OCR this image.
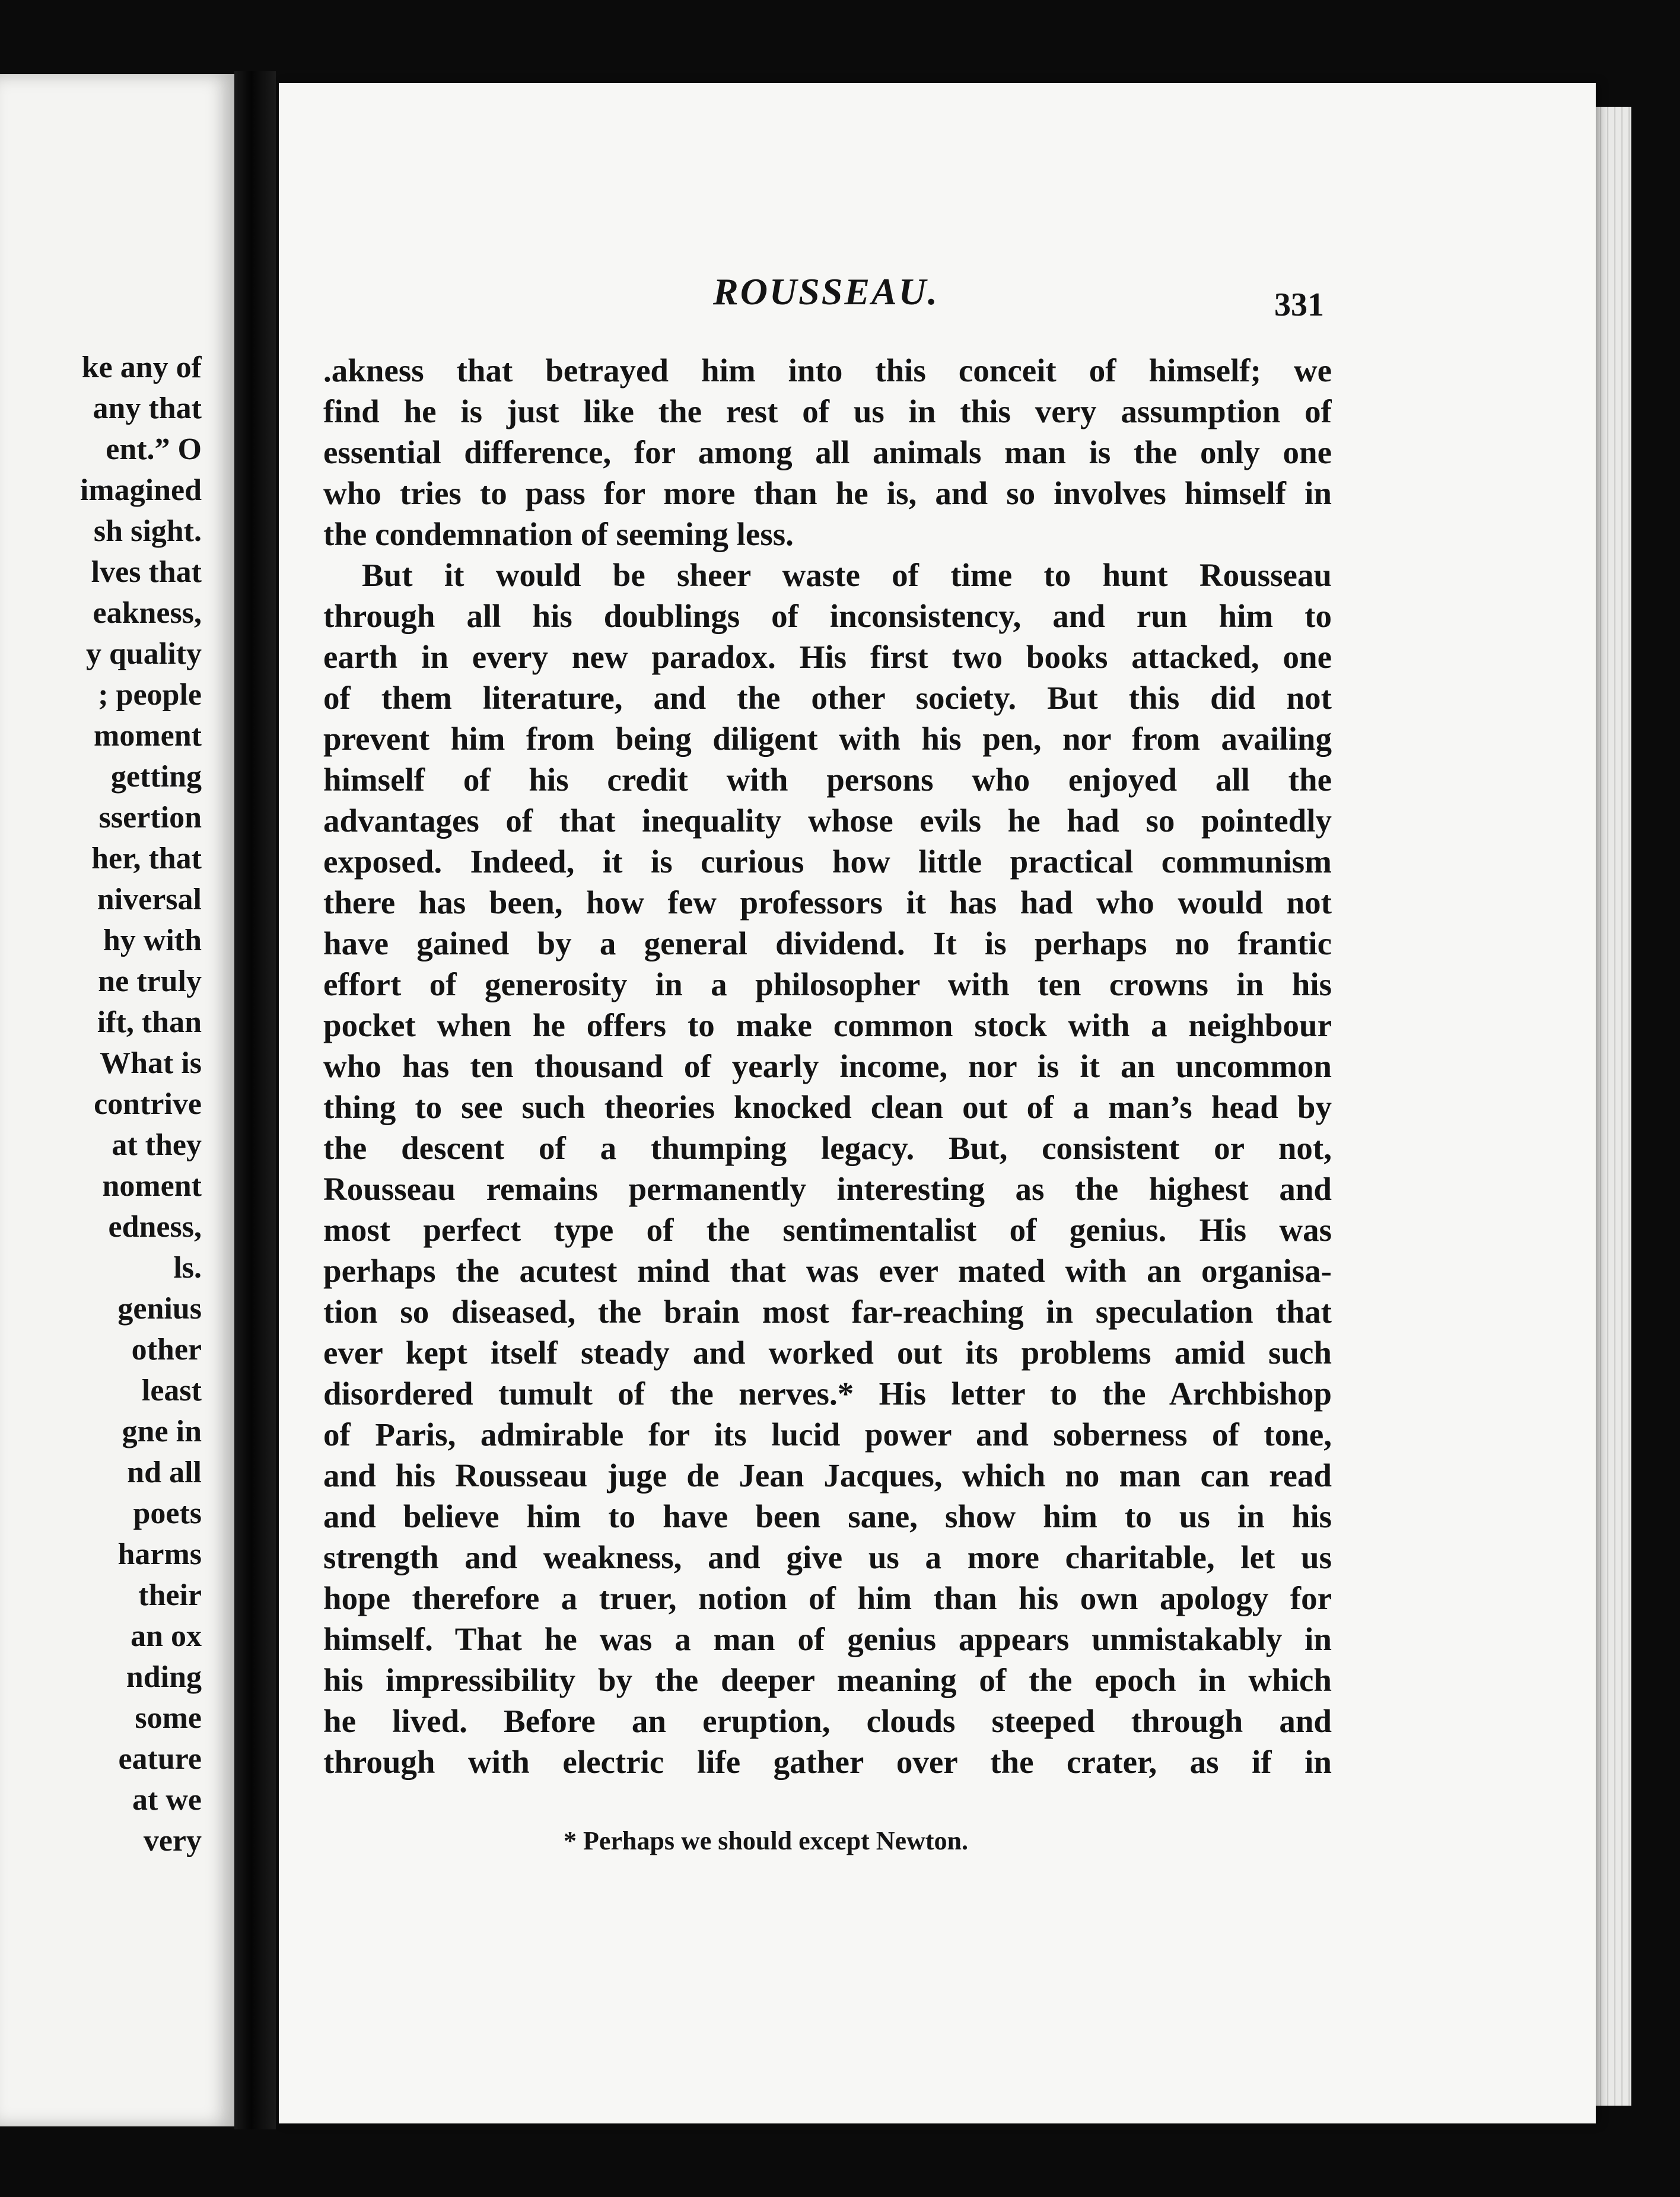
ke any of
any that
ent.” O
imagined
sh sight.
lves that
eakness,
y quality
; people
moment
getting
ssertion
her, that
niversal
hy with
ne truly
ift, than
What is
contrive
at they
noment
edness,
ls.
genius
other
least
gne in
nd all
poets
harms
their
an ox
nding
some
eature
at we
very
ROUSSEAU.	331
.akness that betrayed him into this conceit of himself; we
find he is just like the rest of us in this very assumption of
essential difference, for among all animals man is the only one
who tries to pass for more than he is, and so involves himself in
the condemnation of seeming less.
But it would be sheer waste of time to hunt Rousseau
through all his doublings of inconsistency, and run him to
earth in every new paradox. His first two books attacked, one
of them literature, and the other society. But this did not
prevent him from being diligent with his pen, nor from availing
himself of his credit with persons who enjoyed all the
advantages of that inequality whose evils he had so pointedly
exposed. Indeed, it is curious how little practical communism
there has been, how few professors it has had who would not
have gained by a general dividend. It is perhaps no frantic
effort of generosity in a philosopher with ten crowns in his
pocket when he offers to make common stock with a neighbour
who has ten thousand of yearly income, nor is it an uncommon
thing to see such theories knocked clean out of a man’s head by
the descent of a thumping legacy. But, consistent or not,
Rousseau remains permanently interesting as the highest and
most perfect type of the sentimentalist of genius. His was
perhaps the acutest mind that was ever mated with an organisa-
tion so diseased, the brain most far-reaching in speculation that
ever kept itself steady and worked out its problems amid such
disordered tumult of the nerves.* His letter to the Archbishop
of Paris, admirable for its lucid power and soberness of tone,
and his Rousseau juge de Jean Jacques, which no man can read
and believe him to have been sane, show him to us in his
strength and weakness, and give us a more charitable, let us
hope therefore a truer, notion of him than his own apology for
himself. That he was a man of genius appears unmistakably in
his impressibility by the deeper meaning of the epoch in which
he lived. Before an eruption, clouds steeped through and
through with electric life gather over the crater, as if in
* Perhaps we should except Newton.
